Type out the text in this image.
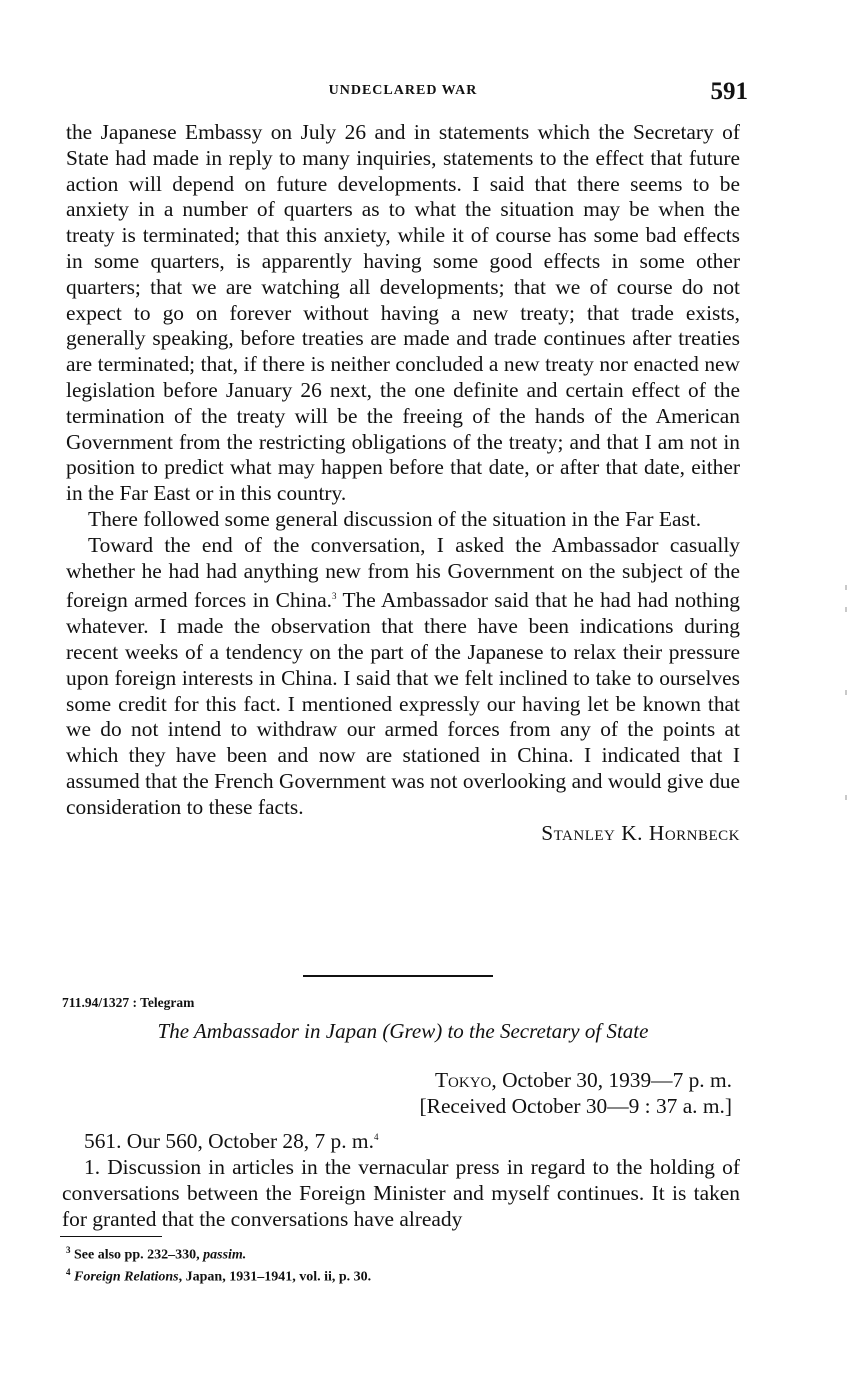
UNDECLARED WAR	591

the Japanese Embassy on July 26 and in statements which the Secretary of State had made in reply to many inquiries, statements to the effect that future action will depend on future developments. I said that there seems to be anxiety in a number of quarters as to what the situation may be when the treaty is terminated; that this anxiety, while it of course has some bad effects in some quarters, is apparently having some good effects in some other quarters; that we are watching all developments; that we of course do not expect to go on forever without having a new treaty; that trade exists, generally speaking, before treaties are made and trade continues after treaties are terminated; that, if there is neither concluded a new treaty nor enacted new legislation before January 26 next, the one definite and certain effect of the termination of the treaty will be the freeing of the hands of the American Government from the restricting obligations of the treaty; and that I am not in position to predict what may happen before that date, or after that date, either in the Far East or in this country.

There followed some general discussion of the situation in the Far East.

Toward the end of the conversation, I asked the Ambassador casually whether he had had anything new from his Government on the subject of the foreign armed forces in China.$^3$ The Ambassador said that he had had nothing whatever. I made the observation that there have been indications during recent weeks of a tendency on the part of the Japanese to relax their pressure upon foreign interests in China. I said that we felt inclined to take to ourselves some credit for this fact. I mentioned expressly our having let be known that we do not intend to withdraw our armed forces from any of the points at which they have been and now are stationed in China. I indicated that I assumed that the French Government was not overlooking and would give due consideration to these facts.

Stanley K. Hornbeck

711.94/1327 : Telegram
The Ambassador in Japan (Grew) to the Secretary of State
Tokyo, October 30, 1939—7 p. m.
[Received October 30—9 : 37 a. m.]

561. Our 560, October 28, 7 p. m.$^4$

1. Discussion in articles in the vernacular press in regard to the holding of conversations between the Foreign Minister and myself continues. It is taken for granted that the conversations have already

$^3$ See also pp. 232–330, passim.

$^4$ Foreign Relations, Japan, 1931–1941, vol. ii, p. 30.
